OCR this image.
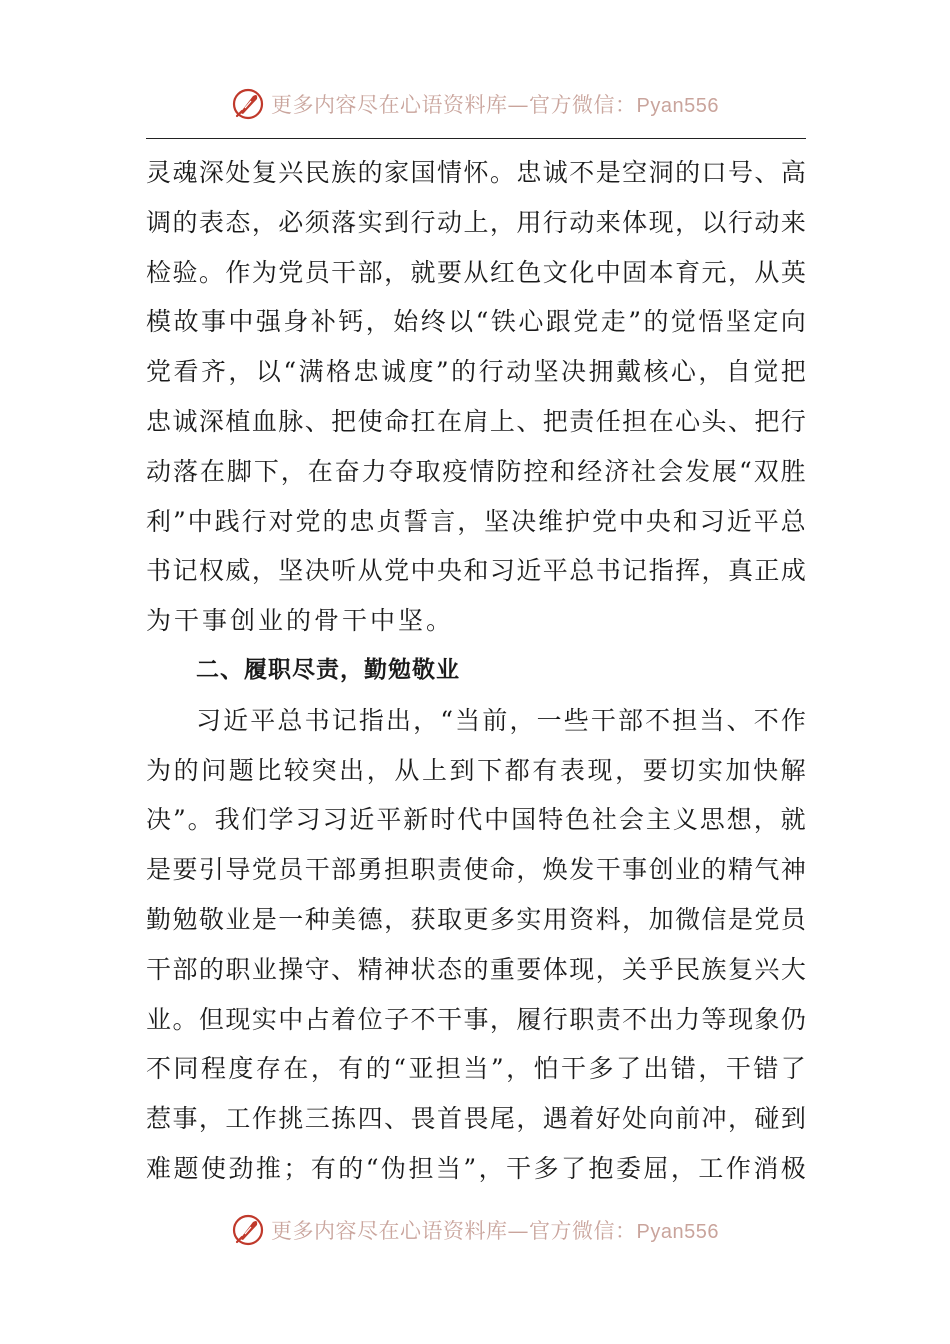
更多内容尽在心语资料库—官方微信：Pyan556
灵 魂 深 处 复 兴 民 族 的 家 国 情 怀 。 忠 诚 不 是 空 洞 的 口 号 、 高
调 的 表 态 ， 必 须 落 实 到 行 动 上 ， 用 行 动 来 体 现 ， 以 行 动 来
检 验 。 作 为 党 员 干 部 ， 就 要 从 红 色 文 化 中 固 本 育 元 ， 从 英
模 故 事 中 强 身 补 钙 ， 始 终 以 “ 铁 心 跟 党 走 ” 的 觉 悟 坚 定 向
党 看 齐 ， 以 “ 满 格 忠 诚 度 ” 的 行 动 坚 决 拥 戴 核 心 ， 自 觉 把
忠 诚 深 植 血 脉 、 把 使 命 扛 在 肩 上 、 把 责 任 担 在 心 头 、 把 行
动 落 在 脚 下 ， 在 奋 力 夺 取 疫 情 防 控 和 经 济 社 会 发 展 “ 双 胜
利 ” 中 践 行 对 党 的 忠 贞 誓 言 ， 坚 决 维 护 党 中 央 和 习 近 平 总
书 记 权 威 ， 坚 决 听 从 党 中 央 和 习 近 平 总 书 记 指 挥 ， 真 正 成
为干事创业的骨干中坚。
二、履职尽责，勤勉敬业
习 近 平 总 书 记 指 出 ， “ 当 前 ， 一 些 干 部 不 担 当 、 不 作
为 的 问 题 比 较 突 出 ， 从 上 到 下 都 有 表 现 ， 要 切 实 加 快 解
决 ” 。 我 们 学 习 习 近 平 新 时 代 中 国 特 色 社 会 主 义 思 想 ， 就
是 要 引 导 党 员 干 部 勇 担 职 责 使 命 ， 焕 发 干 事 创 业 的 精 气 神
勤 勉 敬 业 是 一 种 美 德 ， 获 取 更 多 实 用 资 料 ， 加 微 信 是 党 员
干 部 的 职 业 操 守 、 精 神 状 态 的 重 要 体 现 ， 关 乎 民 族 复 兴 大
业 。 但 现 实 中 占 着 位 子 不 干 事 ， 履 行 职 责 不 出 力 等 现 象 仍
不 同 程 度 存 在 ， 有 的 “ 亚 担 当 ” ， 怕 干 多 了 出 错 ， 干 错 了
惹 事 ， 工 作 挑 三 拣 四 、 畏 首 畏 尾 ， 遇 着 好 处 向 前 冲 ， 碰 到
难 题 使 劲 推 ； 有 的 “ 伪 担 当 ” ， 干 多 了 抱 委 屈 ， 工 作 消 极
更多内容尽在心语资料库—官方微信：Pyan556
